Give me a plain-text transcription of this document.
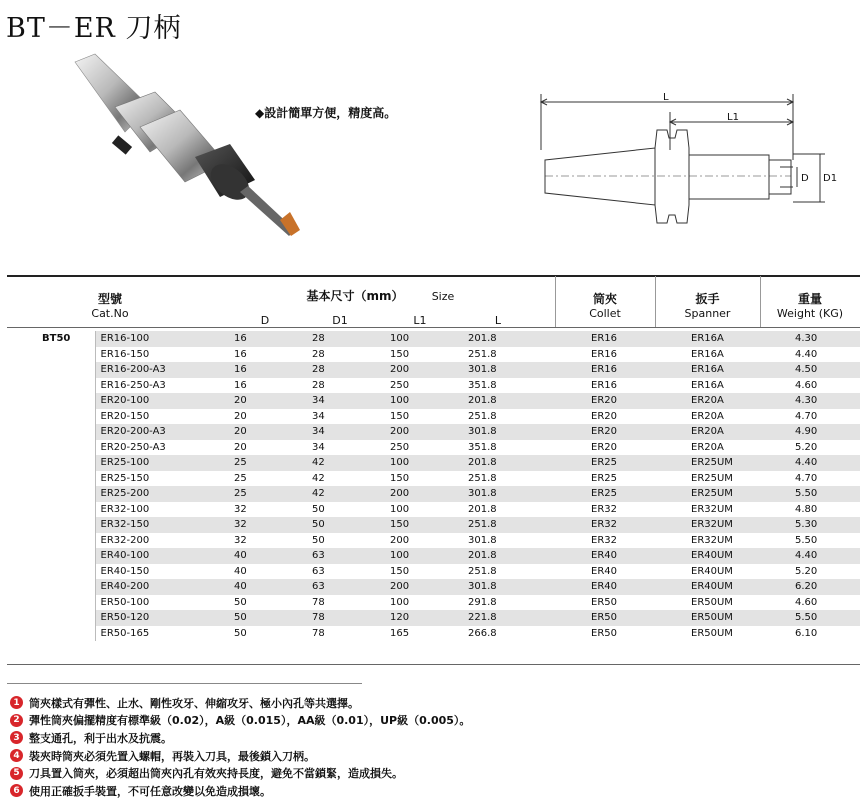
BT－ER 刀柄
◆設計簡單方便，精度高。
L
L1
D D1
型號
Cat.No
基本尺寸（mm）	Size
D	D1	L1	L
筒夾
Collet
扳手
Spanner
重量
Weight (KG)
BT50	ER16-100	16	28	100	201.8	ER16	ER16A	4.30
	ER16-150	16	28	150	251.8	ER16	ER16A	4.40
	ER16-200-A3	16	28	200	301.8	ER16	ER16A	4.50
	ER16-250-A3	16	28	250	351.8	ER16	ER16A	4.60
	ER20-100	20	34	100	201.8	ER20	ER20A	4.30
	ER20-150	20	34	150	251.8	ER20	ER20A	4.70
	ER20-200-A3	20	34	200	301.8	ER20	ER20A	4.90
	ER20-250-A3	20	34	250	351.8	ER20	ER20A	5.20
	ER25-100	25	42	100	201.8	ER25	ER25UM	4.40
	ER25-150	25	42	150	251.8	ER25	ER25UM	4.70
	ER25-200	25	42	200	301.8	ER25	ER25UM	5.50
	ER32-100	32	50	100	201.8	ER32	ER32UM	4.80
	ER32-150	32	50	150	251.8	ER32	ER32UM	5.30
	ER32-200	32	50	200	301.8	ER32	ER32UM	5.50
	ER40-100	40	63	100	201.8	ER40	ER40UM	4.40
	ER40-150	40	63	150	251.8	ER40	ER40UM	5.20
	ER40-200	40	63	200	301.8	ER40	ER40UM	6.20
	ER50-100	50	78	100	291.8	ER50	ER50UM	4.60
	ER50-120	50	78	120	221.8	ER50	ER50UM	5.50
	ER50-165	50	78	165	266.8	ER50	ER50UM	6.10
1 筒夾樣式有彈性、止水、剛性攻牙、伸縮攻牙、極小內孔等共選擇。
2 彈性筒夾偏擺精度有標準級（0.02），A級（0.015），AA級（0.01），UP級（0.005）。
3 整支通孔，利于出水及抗震。
4 裝夾時筒夾必須先置入螺帽，再裝入刀具，最後鎖入刀柄。
5 刀具置入筒夾，必須超出筒夾內孔有效夾持長度，避免不當鎖緊，造成損失。
6 使用正確扳手裝置，不可任意改變以免造成損壞。
